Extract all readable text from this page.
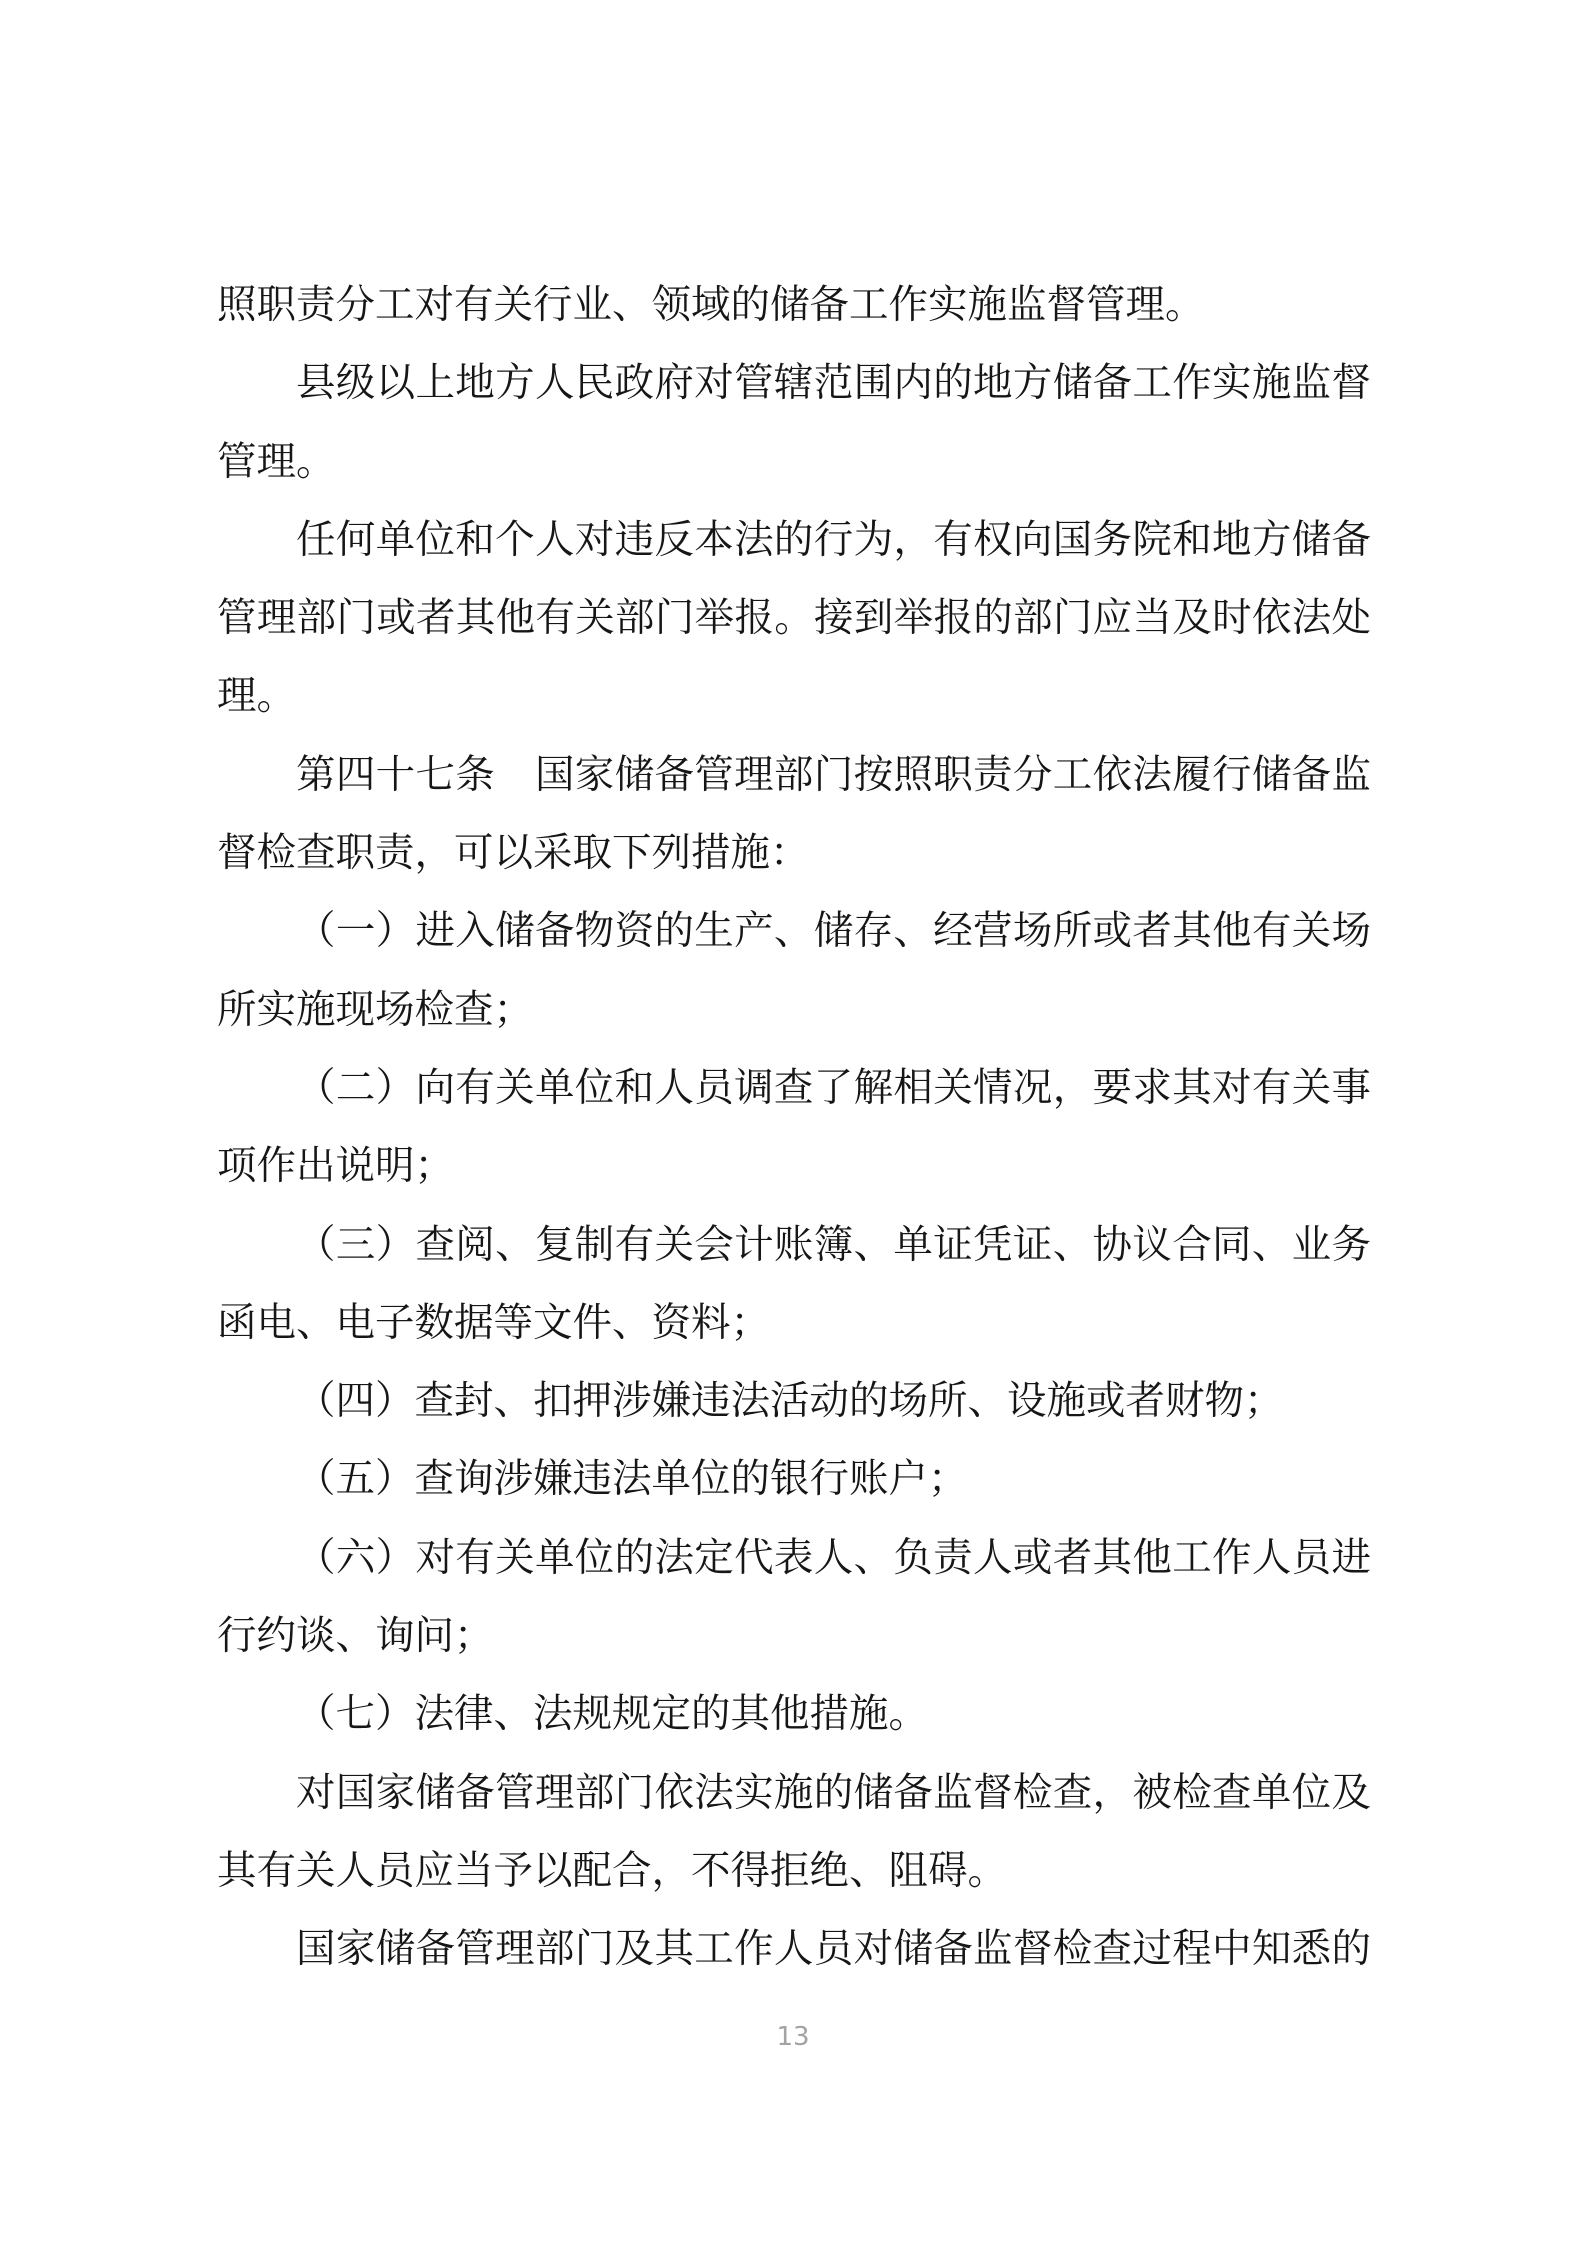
照职责分工对有关行业、领域的储备工作实施监督管理。
县级以上地方人民政府对管辖范围内的地方储备工作实施监督
管理。
任何单位和个人对违反本法的行为，有权向国务院和地方储备
管理部门或者其他有关部门举报。接到举报的部门应当及时依法处
理。
第四十七条　国家储备管理部门按照职责分工依法履行储备监
督检查职责，可以采取下列措施：
（一）进入储备物资的生产、储存、经营场所或者其他有关场
所实施现场检查；
（二）向有关单位和人员调查了解相关情况，要求其对有关事
项作出说明；
（三）查阅、复制有关会计账簿、单证凭证、协议合同、业务
函电、电子数据等文件、资料；
（四）查封、扣押涉嫌违法活动的场所、设施或者财物；
（五）查询涉嫌违法单位的银行账户；
（六）对有关单位的法定代表人、负责人或者其他工作人员进
行约谈、询问；
（七）法律、法规规定的其他措施。
对国家储备管理部门依法实施的储备监督检查，被检查单位及
其有关人员应当予以配合，不得拒绝、阻碍。
国家储备管理部门及其工作人员对储备监督检查过程中知悉的
13
